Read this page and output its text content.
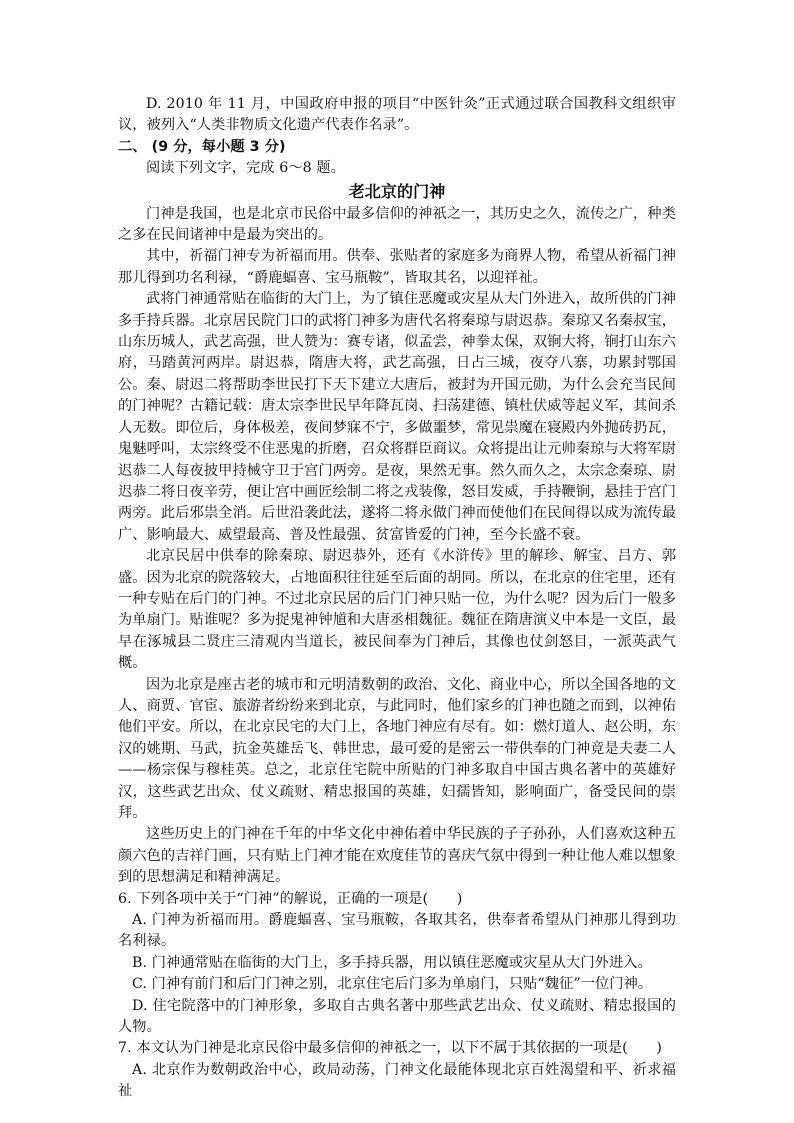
D. 2010 年 11 月，中国政府申报的项目“中医针灸”正式通过联合国教科文组织审议，被列入“人类非物质文化遗产代表作名录”。

二、 (9 分，每小题 3 分)

阅读下列文字，完成 6～8 题。

老北京的门神

门神是我国，也是北京市民俗中最多信仰的神祇之一，其历史之久，流传之广，种类之多在民间诸神中是最为突出的。

其中，祈福门神专为祈福而用。供奉、张贴者的家庭多为商界人物，希望从祈福门神那儿得到功名利禄，“爵鹿蝠喜、宝马瓶鞍”，皆取其名，以迎祥祉。

武将门神通常贴在临街的大门上，为了镇住恶魔或灾星从大门外进入，故所供的门神多手持兵器。北京居民院门口的武将门神多为唐代名将秦琼与尉迟恭。秦琼又名秦叔宝，山东历城人，武艺高强，世人赞为：赛专诸，似孟尝，神拳太保，双锏大将，锏打山东六府，马踏黄河两岸。尉迟恭，隋唐大将，武艺高强，日占三城，夜夺八寨，功累封鄂国公。秦、尉迟二将帮助李世民打下天下建立大唐后，被封为开国元勋，为什么会充当民间的门神呢？古籍记载：唐太宗李世民早年降瓦岗、扫荡建德、镇杜伏威等起义军，其间杀人无数。即位后，身体极差，夜间梦寐不宁，多做噩梦，常见祟魔在寝殿内外抛砖扔瓦，鬼魅呼叫，太宗终受不住恶鬼的折磨，召众将群臣商议。众将提出让元帅秦琼与大将军尉迟恭二人每夜披甲持械守卫于宫门两旁。是夜，果然无事。然久而久之，太宗念秦琼、尉迟恭二将日夜辛劳，便让宫中画匠绘制二将之戎装像，怒目发威，手持鞭锏，悬挂于宫门两旁。此后邪祟全消。后世沿袭此法，遂将二将永做门神而使他们在民间得以成为流传最广、影响最大、威望最高、普及性最强、贫富皆爱的门神，至今长盛不衰。

北京民居中供奉的除秦琼、尉迟恭外，还有《水浒传》里的解珍、解宝、吕方、郭盛。因为北京的院落较大，占地面积往往延至后面的胡同。所以，在北京的住宅里，还有一种专贴在后门的门神。不过北京民居的后门门神只贴一位，为什么呢？因为后门一般多为单扇门。贴谁呢？多为捉鬼神钟馗和大唐丞相魏征。魏征在隋唐演义中本是一文臣，最早在涿城县二贤庄三清观内当道长，被民间奉为门神后，其像也仗剑怒目，一派英武气概。

因为北京是座古老的城市和元明清数朝的政治、文化、商业中心，所以全国各地的文人、商贾、官宦、旅游者纷纷来到北京，与此同时，他们家乡的门神也随之而到，以神佑他们平安。所以，在北京民宅的大门上，各地门神应有尽有。如：燃灯道人、赵公明，东汉的姚期、马武，抗金英雄岳飞、韩世忠，最可爱的是密云一带供奉的门神竟是夫妻二人——杨宗保与穆桂英。总之，北京住宅院中所贴的门神多取自中国古典名著中的英雄好汉，这些武艺出众、仗义疏财、精忠报国的英雄，妇孺皆知，影响面广，备受民间的崇拜。

这些历史上的门神在千年的中华文化中神佑着中华民族的子子孙孙，人们喜欢这种五颜六色的吉祥门画，只有贴上门神才能在欢度佳节的喜庆气氛中得到一种让他人难以想象到的思想满足和精神满足。

6. 下列各项中关于“门神”的解说，正确的一项是(　　)

A. 门神为祈福而用。爵鹿蝠喜、宝马瓶鞍，各取其名，供奉者希望从门神那儿得到功名利禄。

B. 门神通常贴在临街的大门上，多手持兵器，用以镇住恶魔或灾星从大门外进入。

C. 门神有前门和后门门神之别，北京住宅后门多为单扇门，只贴“魏征”一位门神。

D. 住宅院落中的门神形象，多取自古典名著中那些武艺出众、仗义疏财、精忠报国的人物。

7. 本文认为门神是北京民俗中最多信仰的神祇之一，以下不属于其依据的一项是(　　)

A. 北京作为数朝政治中心，政局动荡，门神文化最能体现北京百姓渴望和平、祈求福祉
